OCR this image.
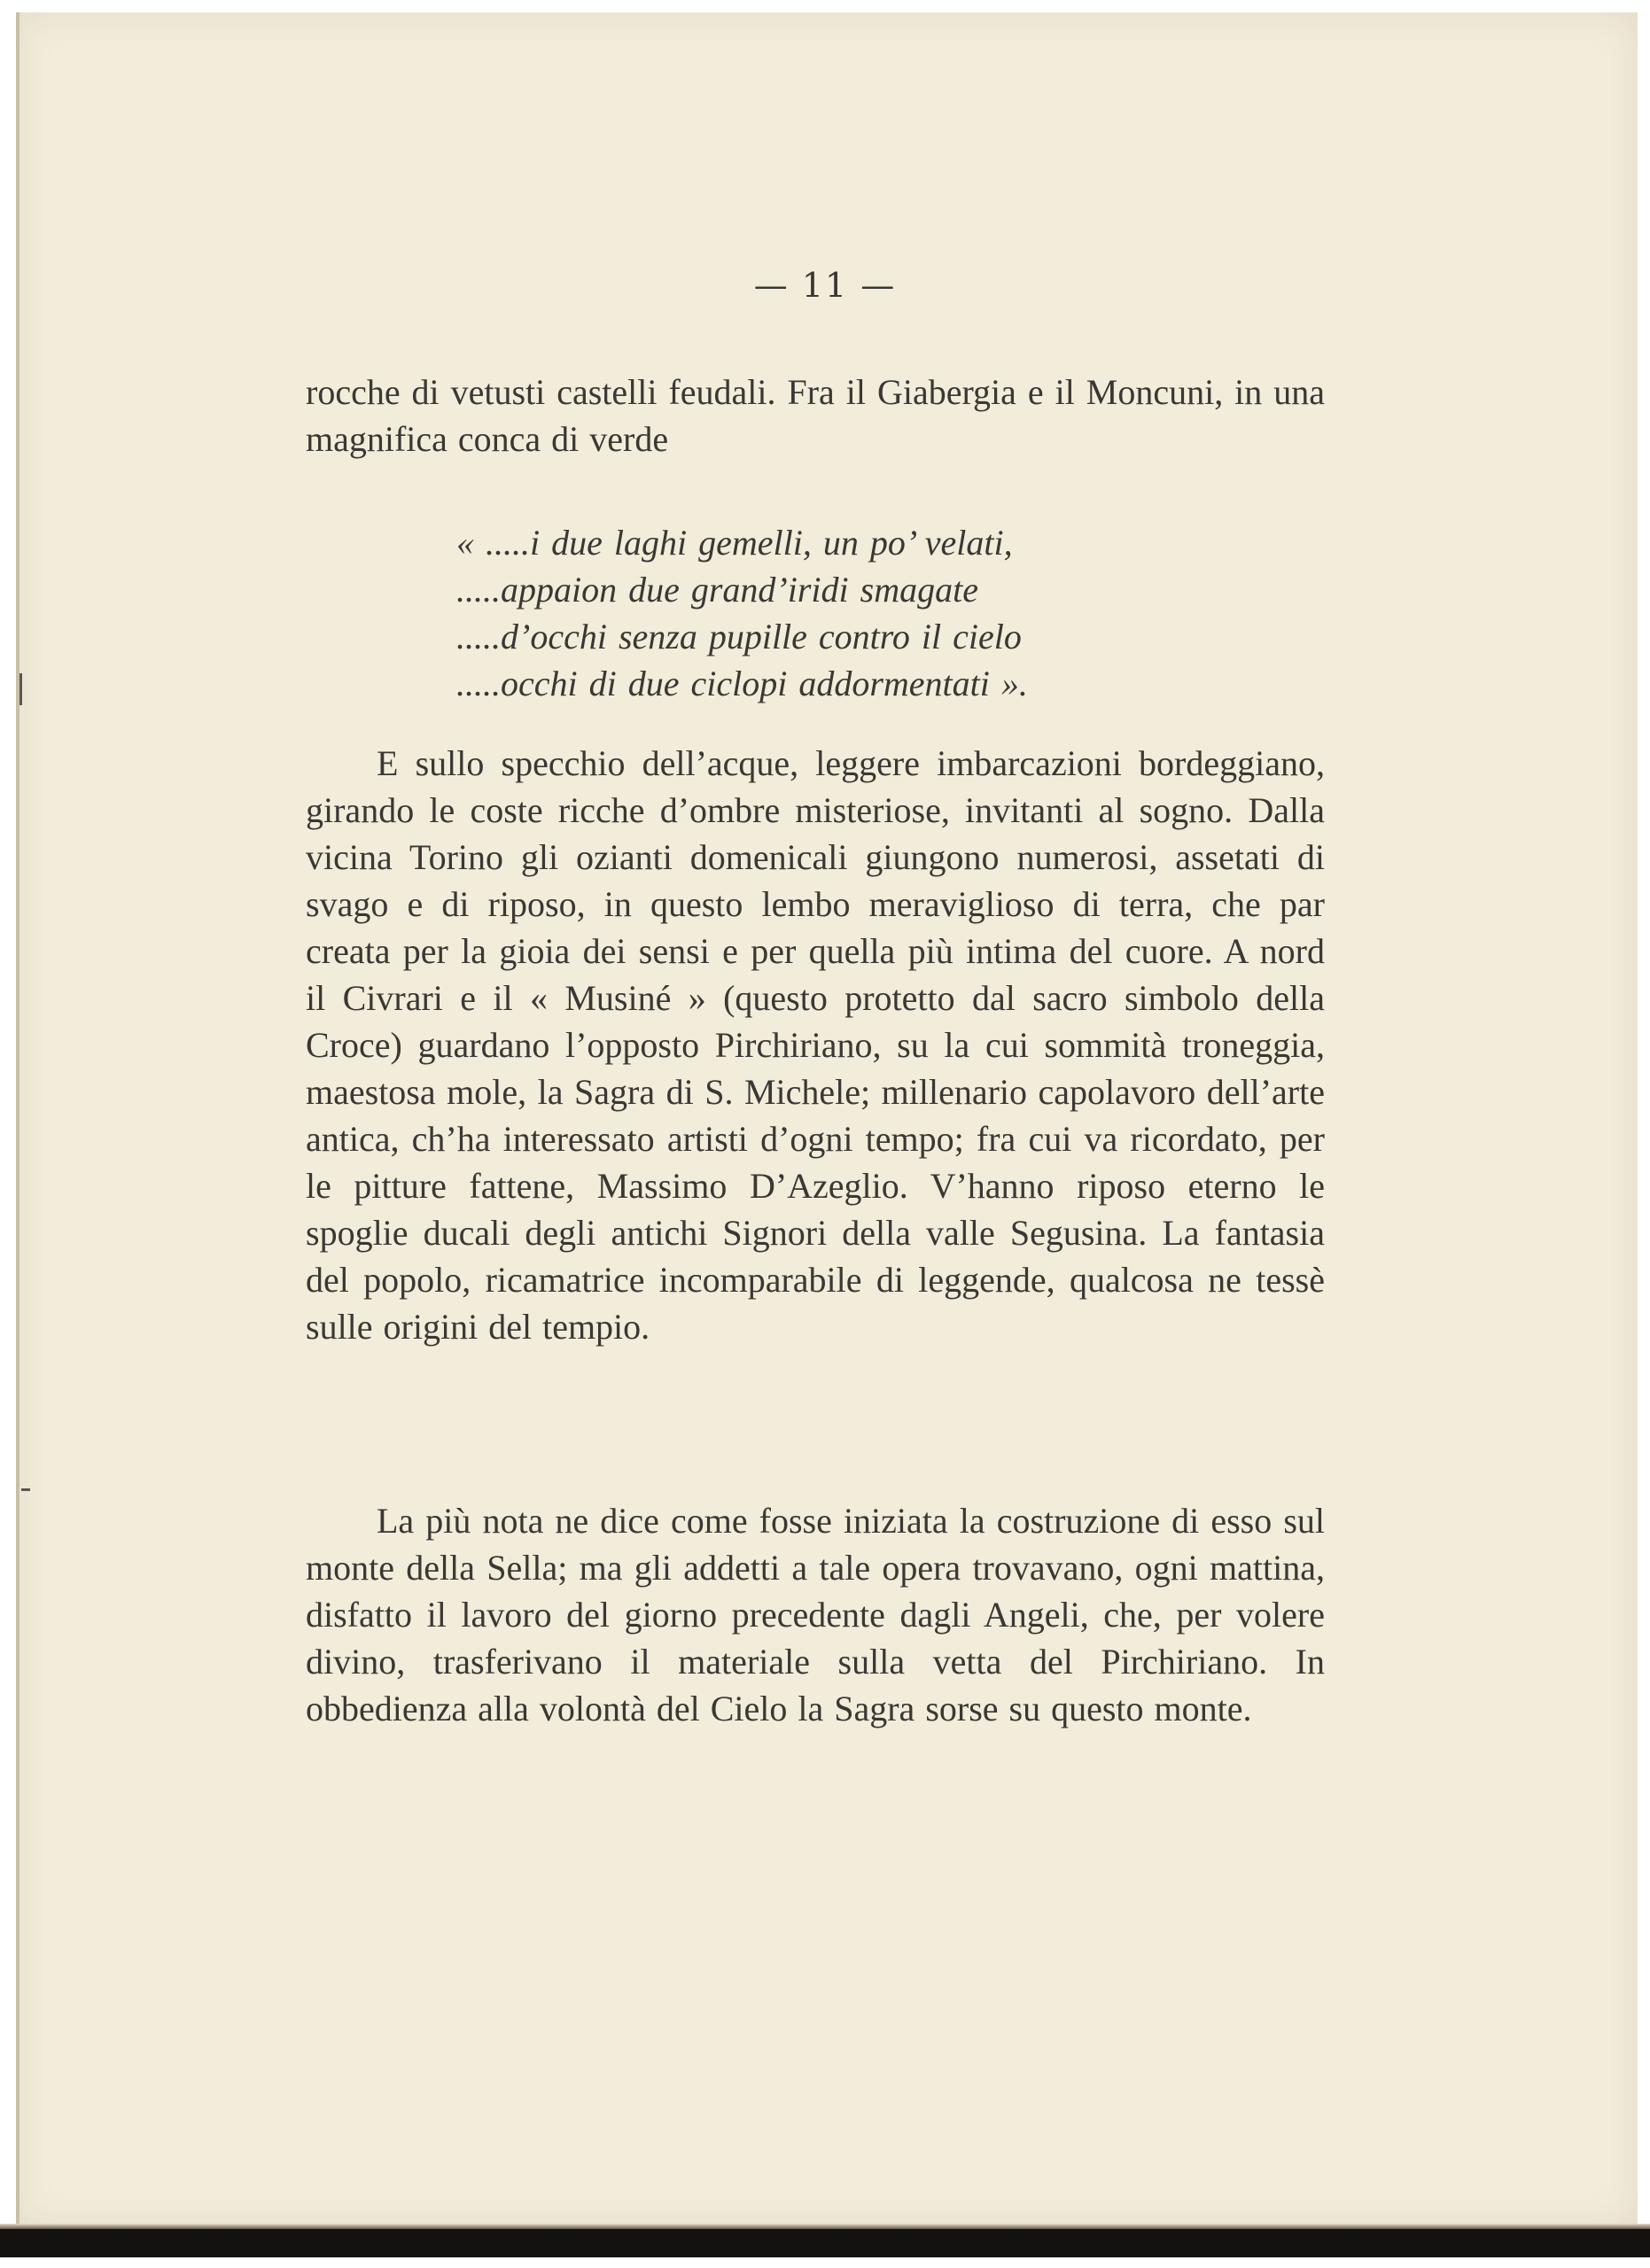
— 11 —

rocche di vetusti castelli feudali. Fra il Giabergia e il Moncuni, in una magnifica conca di verde

« .....i due laghi gemelli, un po’ velati,
.....appaion due grand’iridi smagate
.....d’occhi senza pupille contro il cielo
.....occhi di due ciclopi addormentati ».

E sullo specchio dell’acque, leggere imbarcazioni bordeggiano, girando le coste ricche d’ombre misteriose, invitanti al sogno. Dalla vicina Torino gli ozianti domenicali giungono numerosi, assetati di svago e di riposo, in questo lembo meraviglioso di terra, che par creata per la gioia dei sensi e per quella più intima del cuore. A nord il Civrari e il « Musiné » (questo protetto dal sacro simbolo della Croce) guardano l’opposto Pirchiriano, su la cui sommità troneggia, maestosa mole, la Sagra di S. Michele; millenario capolavoro dell’arte antica, ch’ha interessato artisti d’ogni tempo; fra cui va ricordato, per le pitture fattene, Massimo D’Azeglio. V’hanno riposo eterno le spoglie ducali degli antichi Signori della valle Segusina. La fantasia del popolo, ricamatrice incomparabile di leggende, qualcosa ne tessè sulle origini del tempio.

La più nota ne dice come fosse iniziata la costruzione di esso sul monte della Sella; ma gli addetti a tale opera trovavano, ogni mattina, disfatto il lavoro del giorno precedente dagli Angeli, che, per volere divino, trasferivano il materiale sulla vetta del Pirchiriano. In obbedienza alla volontà del Cielo la Sagra sorse su questo monte.
